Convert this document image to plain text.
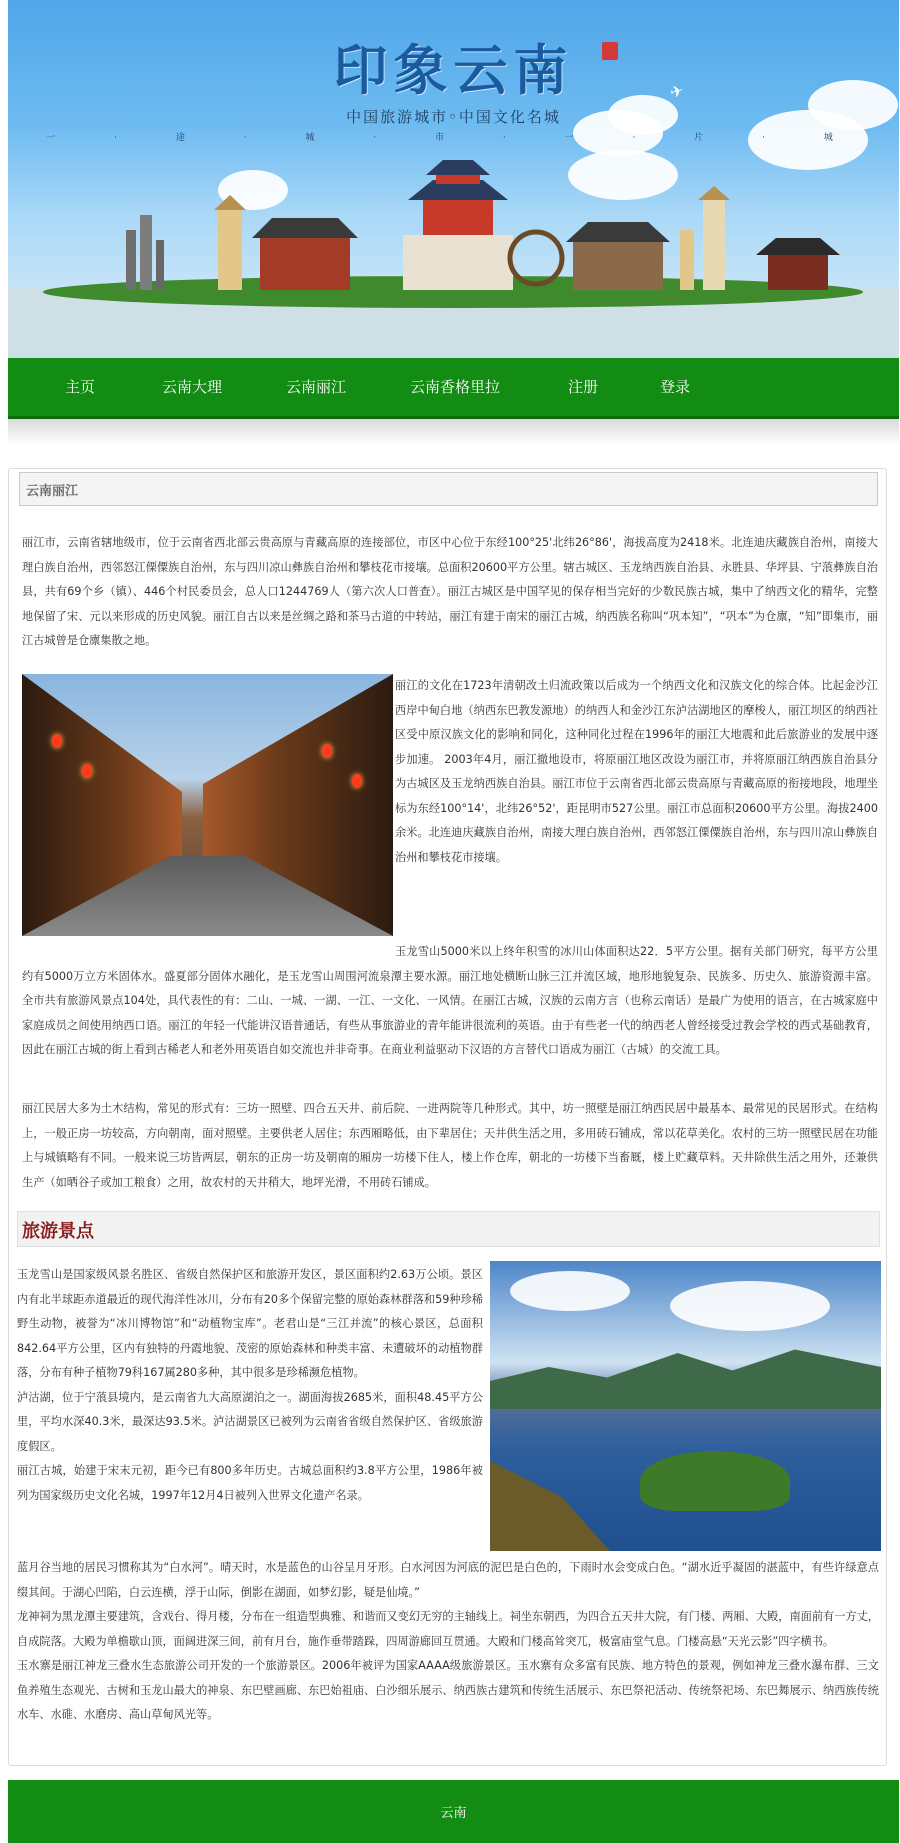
印象云南	✈
中国旅游城市◦中国文化名城
一 · 途 · 城 · 市 · 一 · 片 · 城
主页	云南大理	云南丽江	云南香格里拉	注册	登录
云南丽江

丽江市，云南省辖地级市，位于云南省西北部云贵高原与青藏高原的连接部位，市区中心位于东经100°25'北纬26°86'，海拔高度为2418米。北连迪庆藏族自治州，南接大理白族自治州，西邻怒江傈僳族自治州，东与四川凉山彝族自治州和攀枝花市接壤。总面积20600平方公里。辖古城区、玉龙纳西族自治县、永胜县、华坪县、宁蒗彝族自治县，共有69个乡（镇）、446个村民委员会，总人口1244769人（第六次人口普查）。丽江古城区是中国罕见的保存相当完好的少数民族古城，集中了纳西文化的精华，完整地保留了宋、元以来形成的历史风貌。丽江自古以来是丝绸之路和茶马古道的中转站，丽江有建于南宋的丽江古城，纳西族名称叫“巩本知”，“巩本”为仓廪，“知”即集市，丽江古城曾是仓廪集散之地。

丽江的文化在1723年清朝改土归流政策以后成为一个纳西文化和汉族文化的综合体。比起金沙江西岸中甸白地（纳西东巴教发源地）的纳西人和金沙江东泸沽湖地区的摩梭人，丽江坝区的纳西社区受中原汉族文化的影响和同化，这种同化过程在1996年的丽江大地震和此后旅游业的发展中逐步加速。 2003年4月，丽江撤地设市，将原丽江地区改设为丽江市，并将原丽江纳西族自治县分为古城区及玉龙纳西族自治县。丽江市位于云南省西北部云贵高原与青藏高原的衔接地段，地理坐标为东经100°14'，北纬26°52'，距昆明市527公里。丽江市总面积20600平方公里。海拔2400余米。北连迪庆藏族自治州，南接大理白族自治州，西邻怒江傈僳族自治州，东与四川凉山彝族自治州和攀枝花市接壤。

玉龙雪山5000米以上终年积雪的冰川山体面积达22．5平方公里。据有关部门研究，每平方公里约有5000万立方米固体水。盛夏部分固体水融化，是玉龙雪山周围河流泉潭主要水源。丽江地处横断山脉三江并流区域，地形地貌复杂、民族多、历史久、旅游资源丰富。全市共有旅游风景点104处，具代表性的有：二山、一城、一湖、一江、一文化、一风情。在丽江古城，汉族的云南方言（也称云南话）是最广为使用的语言，在古城家庭中家庭成员之间使用纳西口语。丽江的年轻一代能讲汉语普通话，有些从事旅游业的青年能讲很流利的英语。由于有些老一代的纳西老人曾经接受过教会学校的西式基础教育，因此在丽江古城的街上看到古稀老人和老外用英语自如交流也并非奇事。在商业利益驱动下汉语的方言替代口语成为丽江（古城）的交流工具。

丽江民居大多为土木结构，常见的形式有：三坊一照壁、四合五天井、前后院、一进两院等几种形式。其中，坊一照壁是丽江纳西民居中最基本、最常见的民居形式。在结构上，一般正房一坊较高，方向朝南，面对照壁。主要供老人居住；东西厢略低，由下辈居住；天井供生活之用，多用砖石铺成，常以花草美化。农村的三坊一照壁民居在功能上与城镇略有不同。一般来说三坊皆两层，朝东的正房一坊及朝南的厢房一坊楼下住人，楼上作仓库，朝北的一坊楼下当畜厩，楼上贮藏草料。天井除供生活之用外，还兼供生产（如晒谷子或加工粮食）之用，故农村的天井稍大，地坪光滑，不用砖石铺成。

旅游景点
玉龙雪山是国家级风景名胜区、省级自然保护区和旅游开发区，景区面积约2.63万公顷。景区内有北半球距赤道最近的现代海洋性冰川，分布有20多个保留完整的原始森林群落和59种珍稀野生动物，被誉为“冰川博物馆”和“动植物宝库”。老君山是“三江并流”的核心景区，总面积842.64平方公里，区内有独特的丹霞地貌、茂密的原始森林和种类丰富、未遭破坏的动植物群落，分布有种子植物79科167属280多种，其中很多是珍稀濒危植物。
泸沽湖，位于宁蒗县境内，是云南省九大高原湖泊之一。湖面海拔2685米，面积48.45平方公里，平均水深40.3米，最深达93.5米。泸沽湖景区已被列为云南省省级自然保护区、省级旅游度假区。
丽江古城，始建于宋末元初，距今已有800多年历史。古城总面积约3.8平方公里，1986年被列为国家级历史文化名城，1997年12月4日被列入世界文化遗产名录。
蓝月谷当地的居民习惯称其为“白水河”。晴天时，水是蓝色的山谷呈月牙形。白水河因为河底的泥巴是白色的，下雨时水会变成白色。“湖水近乎凝固的湛蓝中，有些许绿意点缀其间。于湖心凹陷，白云连横，浮于山际，倒影在湖面，如梦幻影，疑是仙境。”
龙神祠为黑龙潭主要建筑，含戏台、得月楼，分布在一组造型典雅、和谐而又变幻无穷的主轴线上。祠坐东朝西，为四合五天井大院，有门楼、两厢、大殿，南面前有一方丈，自成院落。大殿为单檐歇山顶，面阔进深三间，前有月台，施作垂带踏跺，四周游廊回互贯通。大殿和门楼高耸突兀，极富庙堂气息。门楼高悬“天光云影”四字横书。
玉水寨是丽江神龙三叠水生态旅游公司开发的一个旅游景区。2006年被评为国家AAAA级旅游景区。玉水寨有众多富有民族、地方特色的景观，例如神龙三叠水瀑布群、三文鱼养殖生态观光、古树和玉龙山最大的神泉、东巴壁画廊、东巴始祖庙、白沙细乐展示、纳西族古建筑和传统生活展示、东巴祭祀活动、传统祭祀场、东巴舞展示、纳西族传统水车、水碓、水磨房、高山草甸风光等。
云南
